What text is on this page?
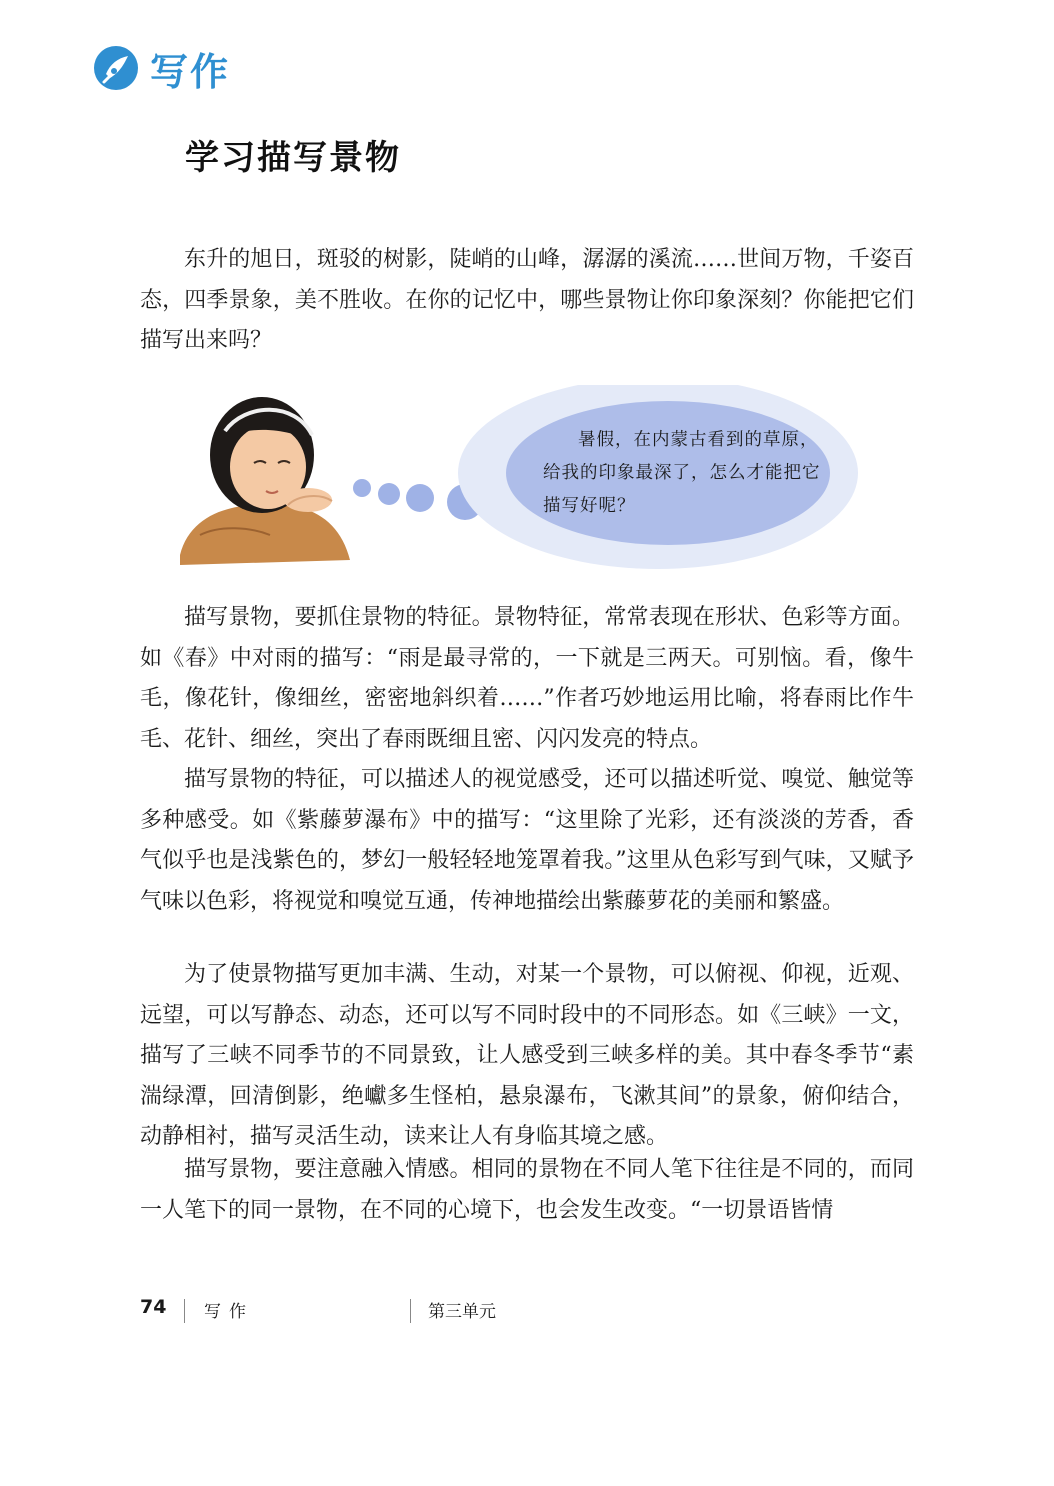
写作
学习描写景物

东升的旭日，斑驳的树影，陡峭的山峰，潺潺的溪流……世间万物，千姿百态，四季景象，美不胜收。在你的记忆中，哪些景物让你印象深刻？你能把它们描写出来吗？

暑假，在内蒙古看到的草原，给我的印象最深了，怎么才能把它描写好呢？

描写景物，要抓住景物的特征。景物特征，常常表现在形状、色彩等方面。如《春》中对雨的描写：“雨是最寻常的，一下就是三两天。可别恼。看，像牛毛，像花针，像细丝，密密地斜织着……”作者巧妙地运用比喻，将春雨比作牛毛、花针、细丝，突出了春雨既细且密、闪闪发亮的特点。

描写景物的特征，可以描述人的视觉感受，还可以描述听觉、嗅觉、触觉等多种感受。如《紫藤萝瀑布》中的描写：“这里除了光彩，还有淡淡的芳香，香气似乎也是浅紫色的，梦幻一般轻轻地笼罩着我。”这里从色彩写到气味，又赋予气味以色彩，将视觉和嗅觉互通，传神地描绘出紫藤萝花的美丽和繁盛。

为了使景物描写更加丰满、生动，对某一个景物，可以俯视、仰视，近观、远望，可以写静态、动态，还可以写不同时段中的不同形态。如《三峡》一文，描写了三峡不同季节的不同景致，让人感受到三峡多样的美。其中春冬季节“素湍绿潭，回清倒影，绝巘多生怪柏，悬泉瀑布，飞漱其间”的景象，俯仰结合，动静相衬，描写灵活生动，读来让人有身临其境之感。

描写景物，要注意融入情感。相同的景物在不同人笔下往往是不同的，而同一人笔下的同一景物，在不同的心境下，也会发生改变。“一切景语皆情

74 写作	第三单元
